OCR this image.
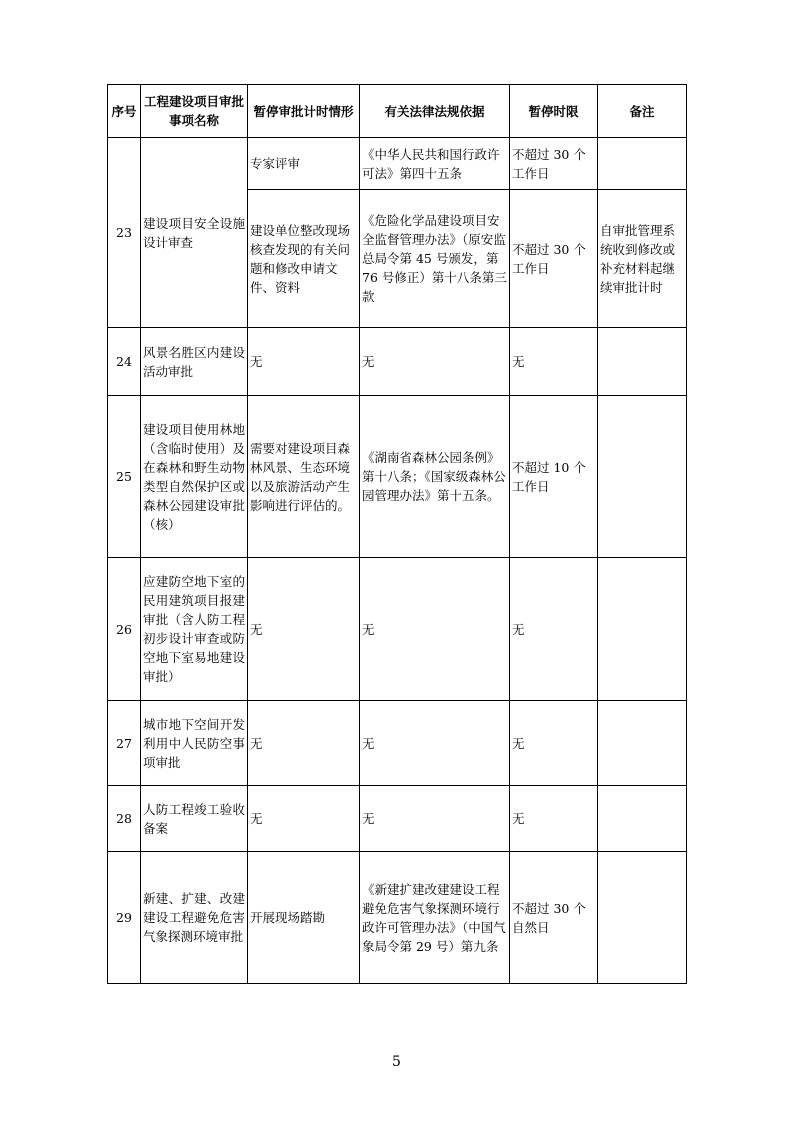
序号	工程建设项目审批事项名称	暂停审批计时情形	有关法律法规依据	暂停时限	备注
23	建设项目安全设施设计审查	专家评审	《中华人民共和国行政许可法》第四十五条	不超过 30 个工作日	
		建设单位整改现场核查发现的有关问题和修改申请文件、资料	《危险化学品建设项目安全监督管理办法》（原安监总局令第 45 号颁发，第 76 号修正）第十八条第三款	不超过 30 个工作日	自审批管理系统收到修改或补充材料起继续审批计时
24	风景名胜区内建设活动审批	无	无	无	
25	建设项目使用林地（含临时使用）及在森林和野生动物类型自然保护区或森林公园建设审批（核）	需要对建设项目森林风景、生态环境以及旅游活动产生影响进行评估的。	《湖南省森林公园条例》第十八条；《国家级森林公园管理办法》第十五条。	不超过 10 个工作日	
26	应建防空地下室的民用建筑项目报建审批（含人防工程初步设计审查或防空地下室易地建设审批）	无	无	无	
27	城市地下空间开发利用中人民防空事项审批	无	无	无	
28	人防工程竣工验收备案	无	无	无	
29	新建、扩建、改建建设工程避免危害气象探测环境审批	开展现场踏勘	《新建扩建改建建设工程避免危害气象探测环境行政许可管理办法》（中国气象局令第 29 号）第九条	不超过 30 个自然日	
5
